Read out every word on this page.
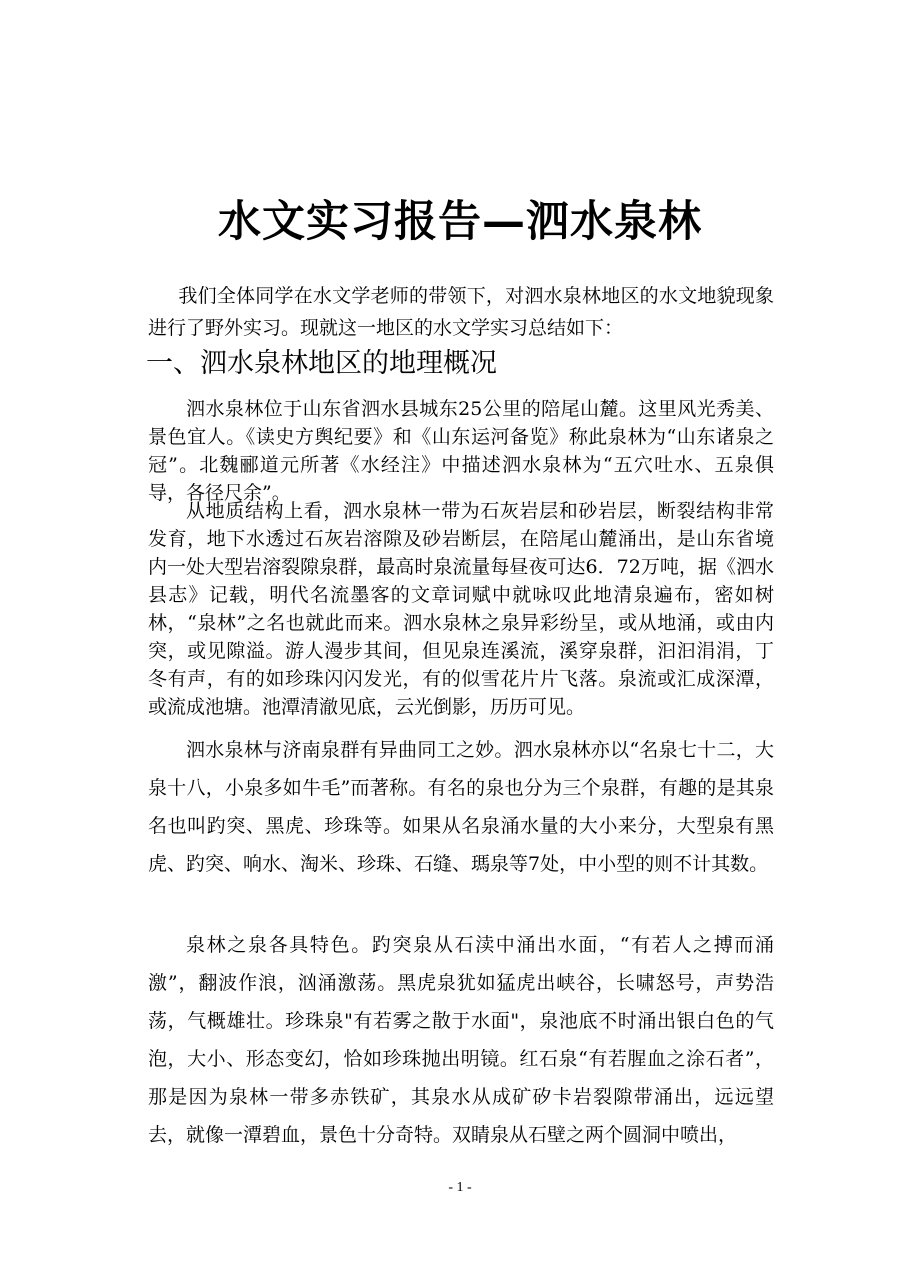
水文实习报告—泗水泉林

我们全体同学在水文学老师的带领下，对泗水泉林地区的水文地貌现象进行了野外实习。现就这一地区的水文学实习总结如下：

一、泗水泉林地区的地理概况

泗水泉林位于山东省泗水县城东25公里的陪尾山麓。这里风光秀美、景色宜人。《读史方舆纪要》和《山东运河备览》称此泉林为“山东诸泉之冠”。北魏郦道元所著《水经注》中描述泗水泉林为“五穴吐水、五泉俱导，各径尺余”。

从地质结构上看，泗水泉林一带为石灰岩层和砂岩层，断裂结构非常发育，地下水透过石灰岩溶隙及砂岩断层，在陪尾山麓涌出，是山东省境内一处大型岩溶裂隙泉群，最高时泉流量每昼夜可达6．72万吨，据《泗水县志》记载，明代名流墨客的文章词赋中就咏叹此地清泉遍布，密如树林，“泉林”之名也就此而来。泗水泉林之泉异彩纷呈，或从地涌，或由内突，或见隙溢。游人漫步其间，但见泉连溪流，溪穿泉群，汩汩涓涓，丁冬有声，有的如珍珠闪闪发光，有的似雪花片片飞落。泉流或汇成深潭，或流成池塘。池潭清澈见底，云光倒影，历历可见。

泗水泉林与济南泉群有异曲同工之妙。泗水泉林亦以“名泉七十二，大泉十八，小泉多如牛毛”而著称。有名的泉也分为三个泉群，有趣的是其泉名也叫趵突、黑虎、珍珠等。如果从名泉涌水量的大小来分，大型泉有黑虎、趵突、响水、淘米、珍珠、石缝、瑪泉等7处，中小型的则不计其数。

泉林之泉各具特色。趵突泉从石渎中涌出水面，“有若人之搏而涌激”，翻波作浪，汹涌激荡。黑虎泉犹如猛虎出峡谷，长啸怒号，声势浩荡，气概雄壮。珍珠泉"有若雾之散于水面"，泉池底不时涌出银白色的气泡，大小、形态变幻，恰如珍珠抛出明镜。红石泉“有若腥血之涂石者”，那是因为泉林一带多赤铁矿，其泉水从成矿矽卡岩裂隙带涌出，远远望去，就像一潭碧血，景色十分奇特。双睛泉从石壁之两个圆洞中喷出，

- 1 -
